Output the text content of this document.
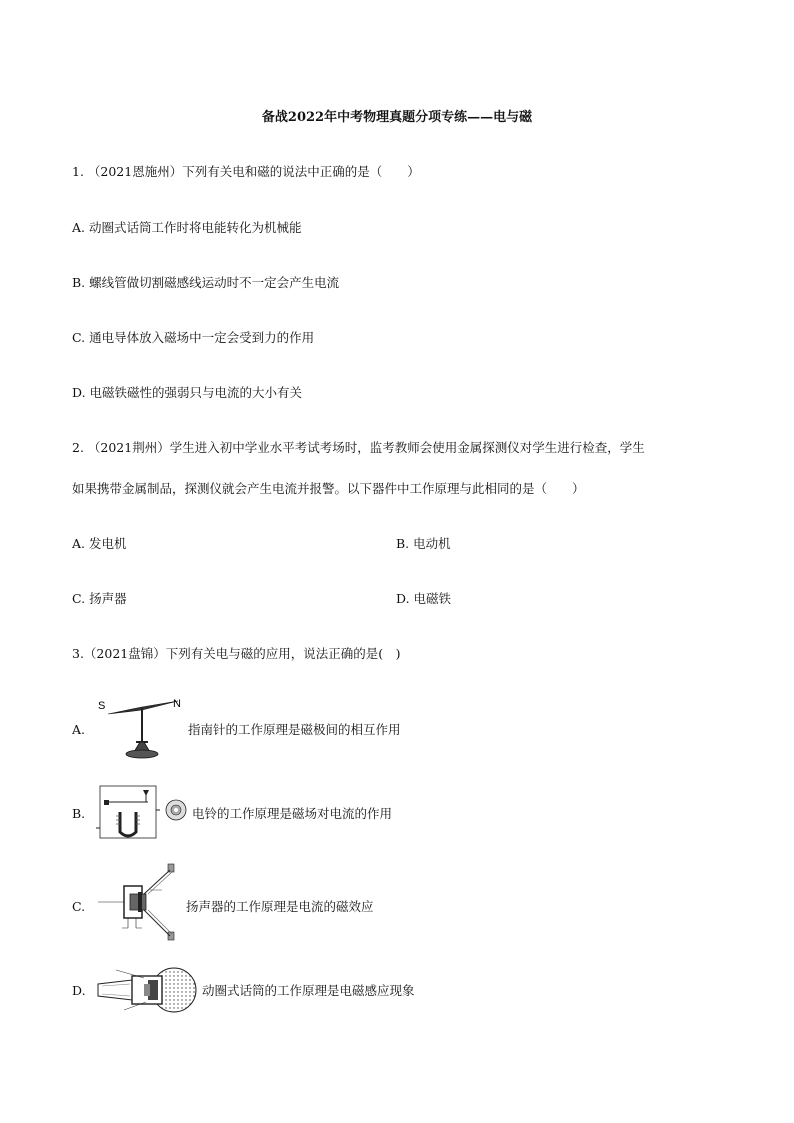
备战2022年中考物理真题分项专练——电与磁
1. （2021恩施州）下列有关电和磁的说法中正确的是（　　）
A. 动圈式话筒工作时将电能转化为机械能
B. 螺线管做切割磁感线运动时不一定会产生电流
C. 通电导体放入磁场中一定会受到力的作用
D. 电磁铁磁性的强弱只与电流的大小有关
2. （2021荆州）学生进入初中学业水平考试考场时，监考教师会使用金属探测仪对学生进行检查，学生
如果携带金属制品，探测仪就会产生电流并报警。以下器件中工作原理与此相同的是（　　）
A. 发电机	B. 电动机
C. 扬声器	D. 电磁铁
3.（2021盘锦）下列有关电与磁的应用，说法正确的是(　)
A.
S	N
指南针的工作原理是磁极间的相互作用
B.	电铃的工作原理是磁场对电流的作用
C.	扬声器的工作原理是电流的磁效应
D.	动圈式话筒的工作原理是电磁感应现象
